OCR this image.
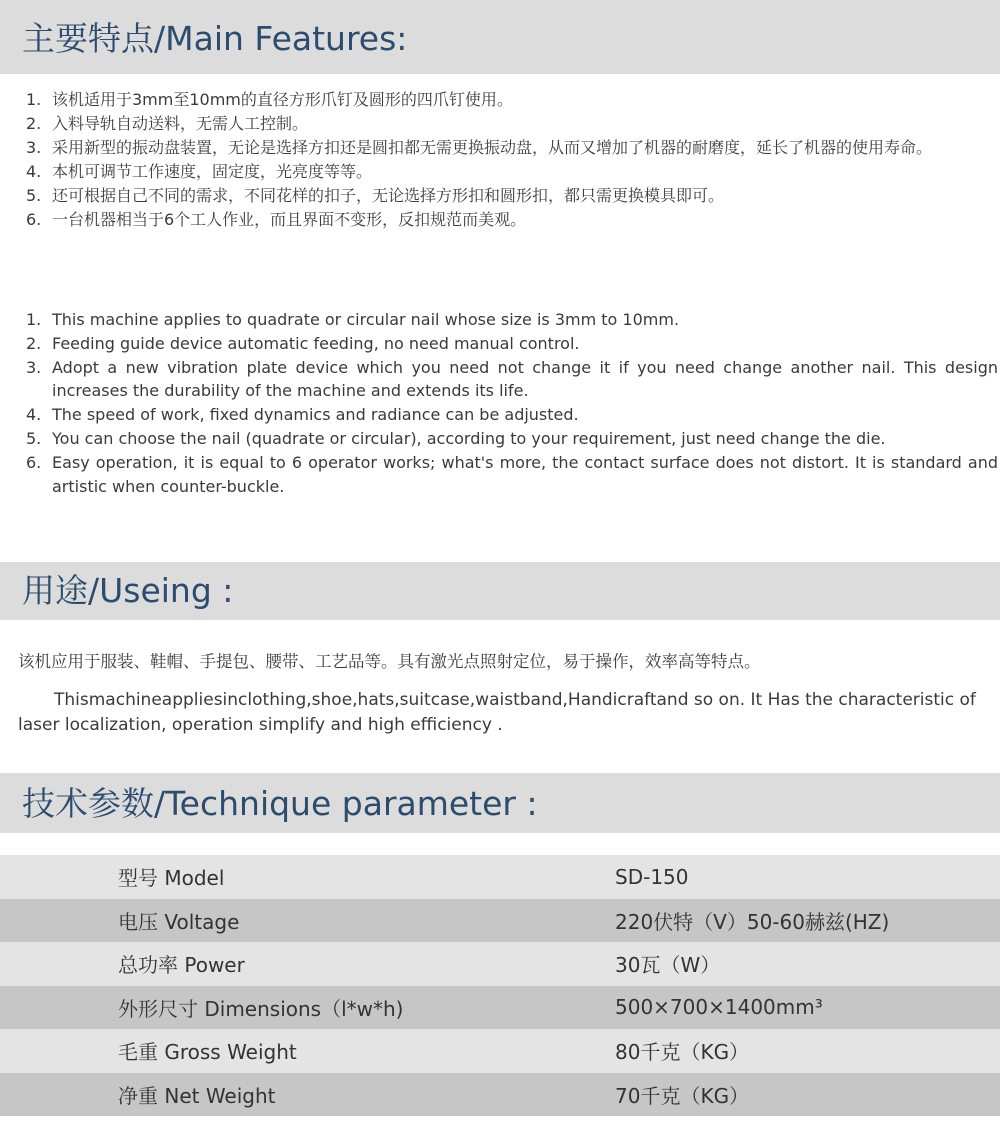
主要特点/Main Features:
1. 该机适用于3mm至10mm的直径方形爪钉及圆形的四爪钉使用。
2. 入料导轨自动送料，无需人工控制。
3. 采用新型的振动盘装置，无论是选择方扣还是圆扣都无需更换振动盘，从而又增加了机器的耐磨度，延长了机器的使用寿命。
4. 本机可调节工作速度，固定度，光亮度等等。
5. 还可根据自己不同的需求，不同花样的扣子，无论选择方形扣和圆形扣，都只需更换模具即可。
6. 一台机器相当于6个工人作业，而且界面不变形，反扣规范而美观。
1. This machine applies to quadrate or circular nail whose size is 3mm to 10mm.
2. Feeding guide device automatic feeding, no need manual control.
3. Adopt a new vibration plate device which you need not change it if you need change another nail. This design increases the durability of the machine and extends its life.
4. The speed of work, fixed dynamics and radiance can be adjusted.
5. You can choose the nail (quadrate or circular), according to your requirement, just need change the die.
6. Easy operation, it is equal to 6 operator works; what's more, the contact surface does not distort. It is standard and artistic when counter-buckle.
用途/Useing :

该机应用于服装、鞋帽、手提包、腰带、工艺品等。具有激光点照射定位，易于操作，效率高等特点。

Thismachineappliesinclothing,shoe,hats,suitcase,waistband,Handicraftand so on. It Has the characteristic of laser localization, operation simplify and high efficiency .

技术参数/Technique parameter :
型号 Model	SD-150
电压 Voltage	220伏特（V）50-60赫兹(HZ)
总功率 Power	30瓦（W）
外形尺寸 Dimensions（l*w*h)	500×700×1400mm³
毛重 Gross Weight	80千克（KG）
净重 Net Weight	70千克（KG）
